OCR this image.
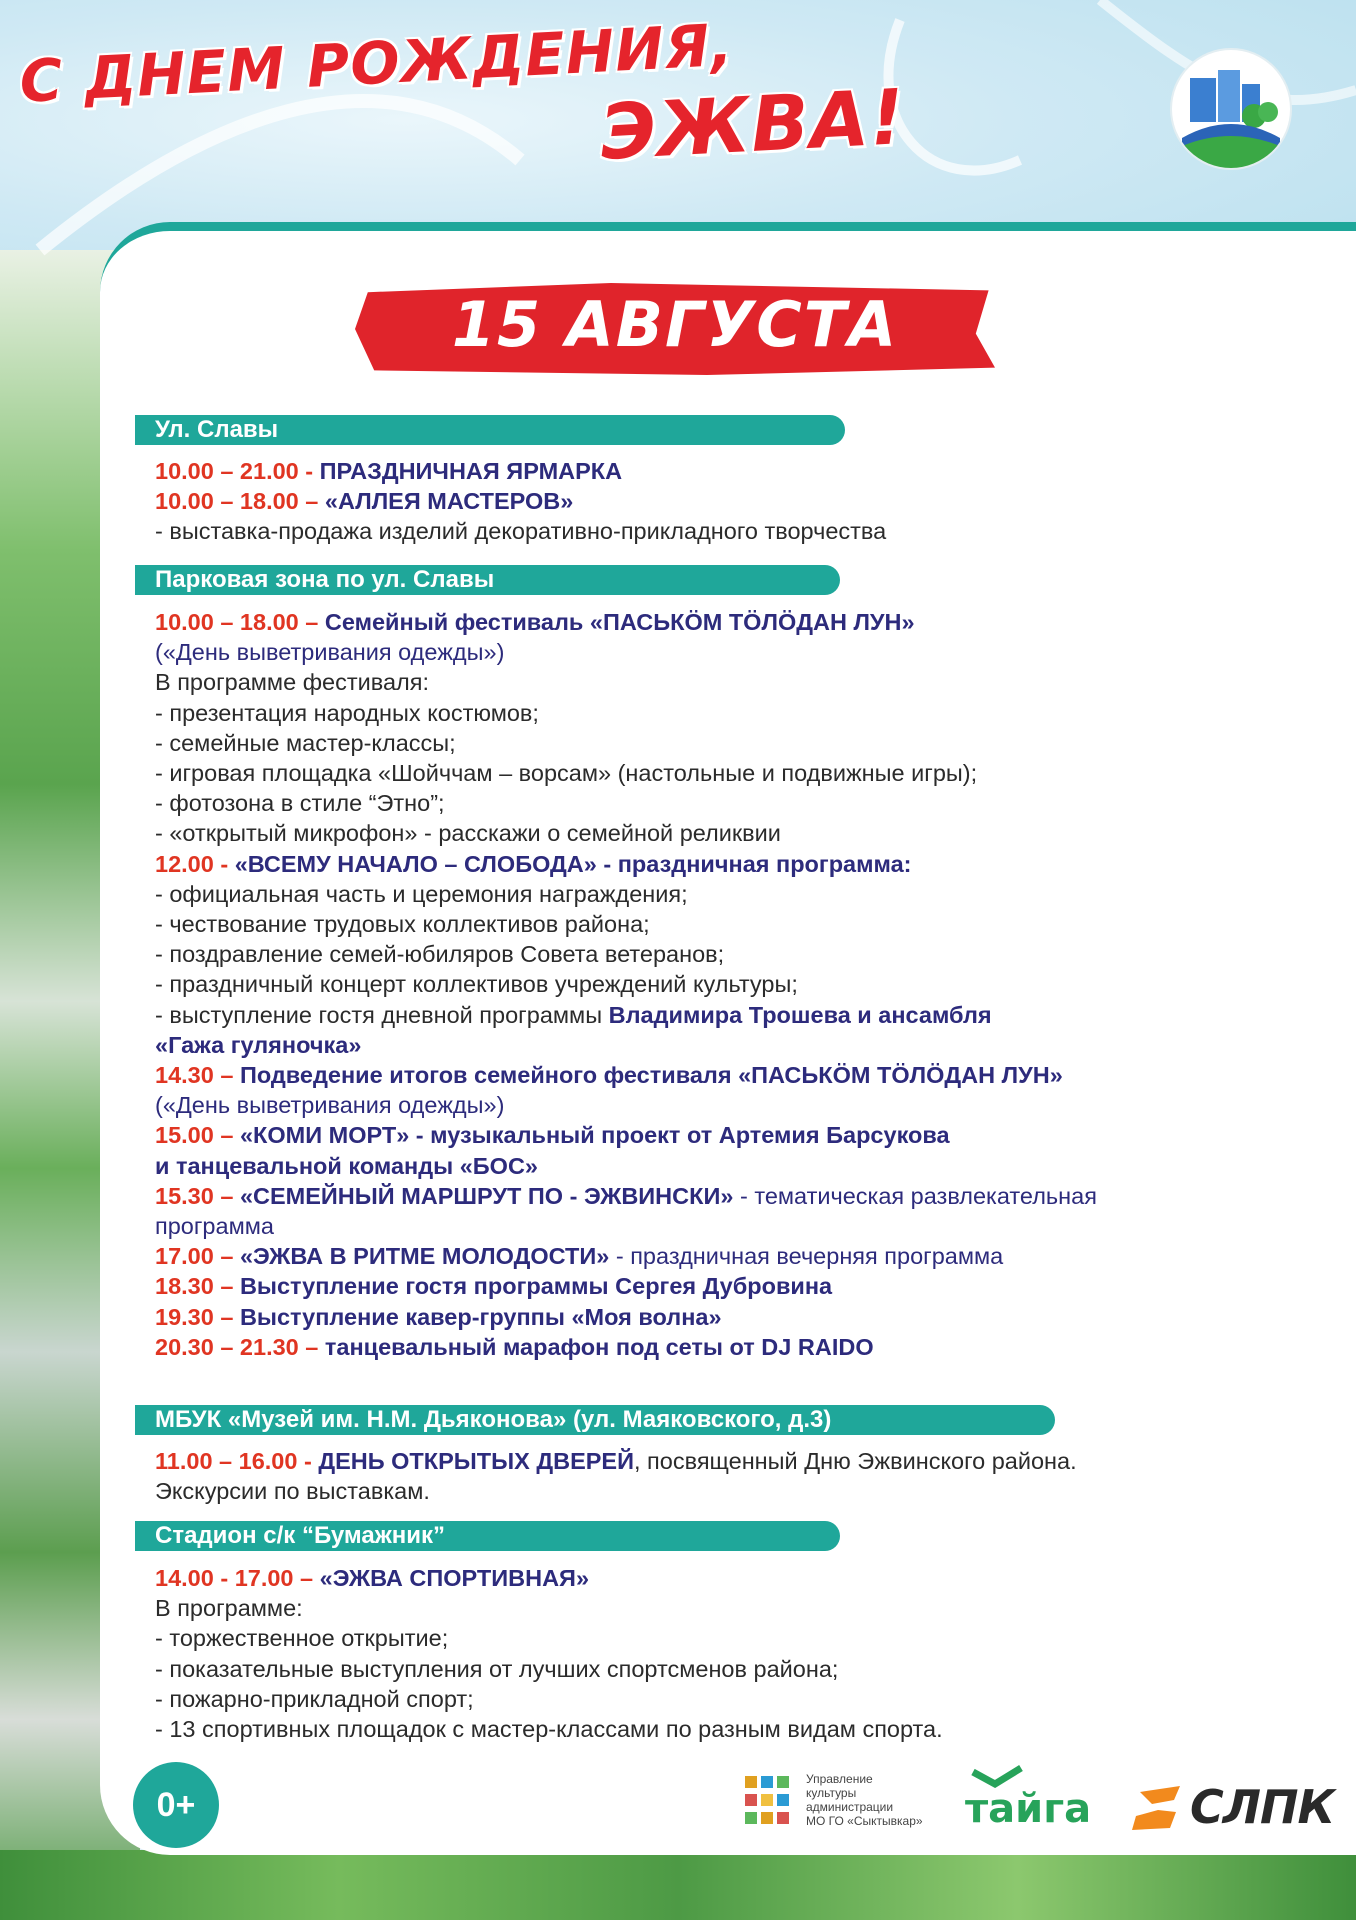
С ДНЕМ РОЖДЕНИЯ,
ЭЖВА!
15 АВГУСТА
Ул. Славы
10.00 – 21.00 - ПРАЗДНИЧНАЯ ЯРМАРКА
10.00 – 18.00 – «АЛЛЕЯ МАСТЕРОВ»
- выставка-продажа изделий декоративно-прикладного творчества
Парковая зона по ул. Славы
10.00 – 18.00 – Семейный фестиваль «ПАСЬКӦМ ТӦЛӦДАН ЛУН»
(«День выветривания одежды»)
В программе фестиваля:
- презентация народных костюмов;
- семейные мастер-классы;
- игровая площадка «Шойччам – ворсам» (настольные и подвижные игры);
- фотозона в стиле “Этно”;
- «открытый микрофон» - расскажи о семейной реликвии
12.00 - «ВСЕМУ НАЧАЛО – СЛОБОДА» - праздничная программа:
- официальная часть и церемония награждения;
- чествование трудовых коллективов района;
- поздравление семей-юбиляров Совета ветеранов;
- праздничный концерт коллективов учреждений культуры;
- выступление гостя дневной программы Владимира Трошева и ансамбля
«Гажа гуляночка»
14.30 – Подведение итогов семейного фестиваля «ПАСЬКӦМ ТӦЛӦДАН ЛУН»
(«День выветривания одежды»)
15.00 – «КОМИ МОРТ» - музыкальный проект от Артемия Барсукова
и танцевальной команды «БОС»
15.30 – «СЕМЕЙНЫЙ МАРШРУТ ПО - ЭЖВИНСКИ» - тематическая развлекательная
программа
17.00 – «ЭЖВА В РИТМЕ МОЛОДОСТИ» - праздничная вечерняя программа
18.30 – Выступление гостя программы Сергея Дубровина
19.30 – Выступление кавер-группы «Моя волна»
20.30 – 21.30 – танцевальный марафон под сеты от DJ RAIDO
МБУК «Музей им. Н.М. Дьяконова» (ул. Маяковского, д.3)
11.00 – 16.00 - ДЕНЬ ОТКРЫТЫХ ДВЕРЕЙ, посвященный Дню Эжвинского района.
Экскурсии по выставкам.
Стадион с/к “Бумажник”
14.00 - 17.00 – «ЭЖВА СПОРТИВНАЯ»
В программе:
- торжественное открытие;
- показательные выступления от лучших спортсменов района;
- пожарно-прикладной спорт;
- 13 спортивных площадок с мастер-классами по разным видам спорта.
0+
Управление
культуры
администрации
МО ГО «Сыктывкар» тайга СЛПК
